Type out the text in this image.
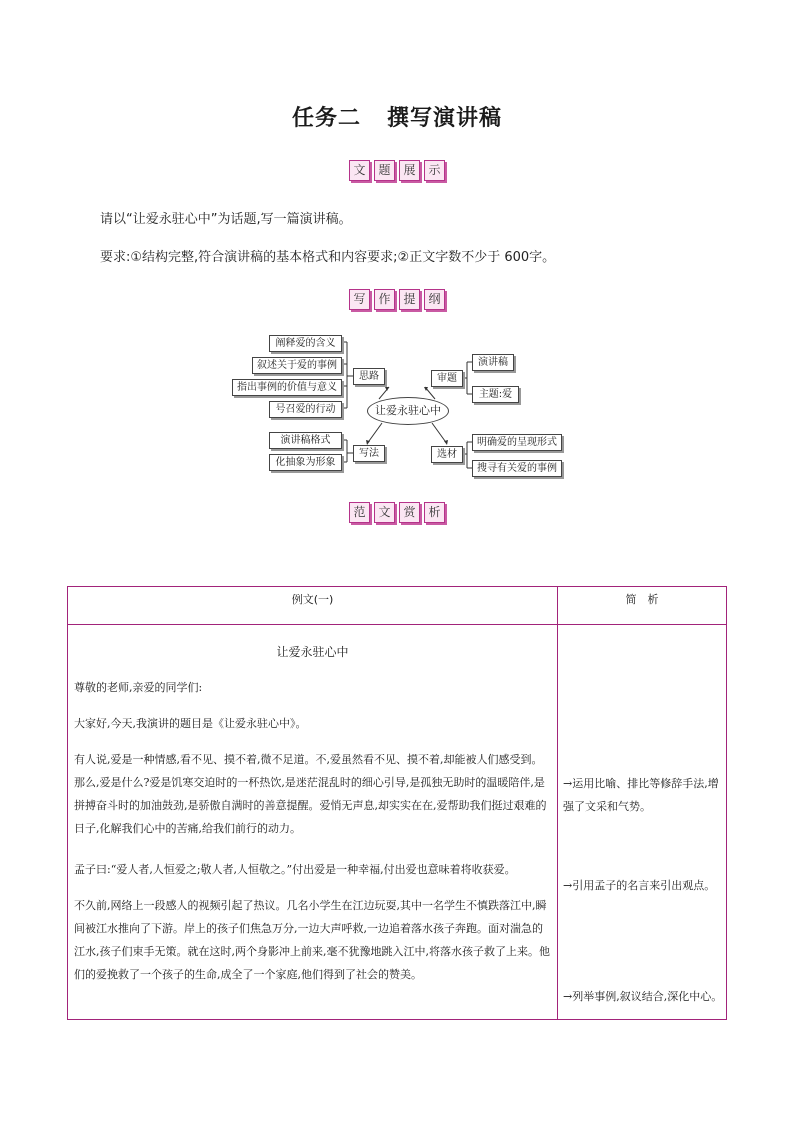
任务二 撰写演讲稿
文	题	展	示
请以“让爱永驻心中”为话题,写一篇演讲稿。
要求:①结构完整,符合演讲稿的基本格式和内容要求;②正文字数不少于 600字。
写	作	提	纲
阐释爱的含义
叙述关于爱的事例
指出事例的价值与意义
号召爱的行动
思路
演讲稿格式
化抽象为形象
写法
让爱永驻心中
审题
演讲稿
主题:爱
选材
明确爱的呈现形式
搜寻有关爱的事例
范	文	赏	析
例文(一)	简　析
让爱永驻心中
尊敬的老师,亲爱的同学们:
大家好,今天,我演讲的题目是《让爱永驻心中》。
有人说,爱是一种情感,看不见、摸不着,微不足道。不,爱虽然看不见、摸不着,却能被人们感受到。那么,爱是什么?爱是饥寒交迫时的一杯热饮,是迷茫混乱时的细心引导,是孤独无助时的温暖陪伴,是拼搏奋斗时的加油鼓劲,是骄傲自满时的善意提醒。爱悄无声息,却实实在在,爱帮助我们挺过艰难的日子,化解我们心中的苦痛,给我们前行的动力。
孟子曰:“爱人者,人恒爱之;敬人者,人恒敬之。”付出爱是一种幸福,付出爱也意味着将收获爱。
不久前,网络上一段感人的视频引起了热议。几名小学生在江边玩耍,其中一名学生不慎跌落江中,瞬间被江水推向了下游。岸上的孩子们焦急万分,一边大声呼救,一边追着落水孩子奔跑。面对湍急的江水,孩子们束手无策。就在这时,两个身影冲上前来,毫不犹豫地跳入江中,将落水孩子救了上来。他们的爱挽救了一个孩子的生命,成全了一个家庭,他们得到了社会的赞美。
→运用比喻、排比等修辞手法,增强了文采和气势。
→引用孟子的名言来引出观点。
→列举事例,叙议结合,深化中心。
